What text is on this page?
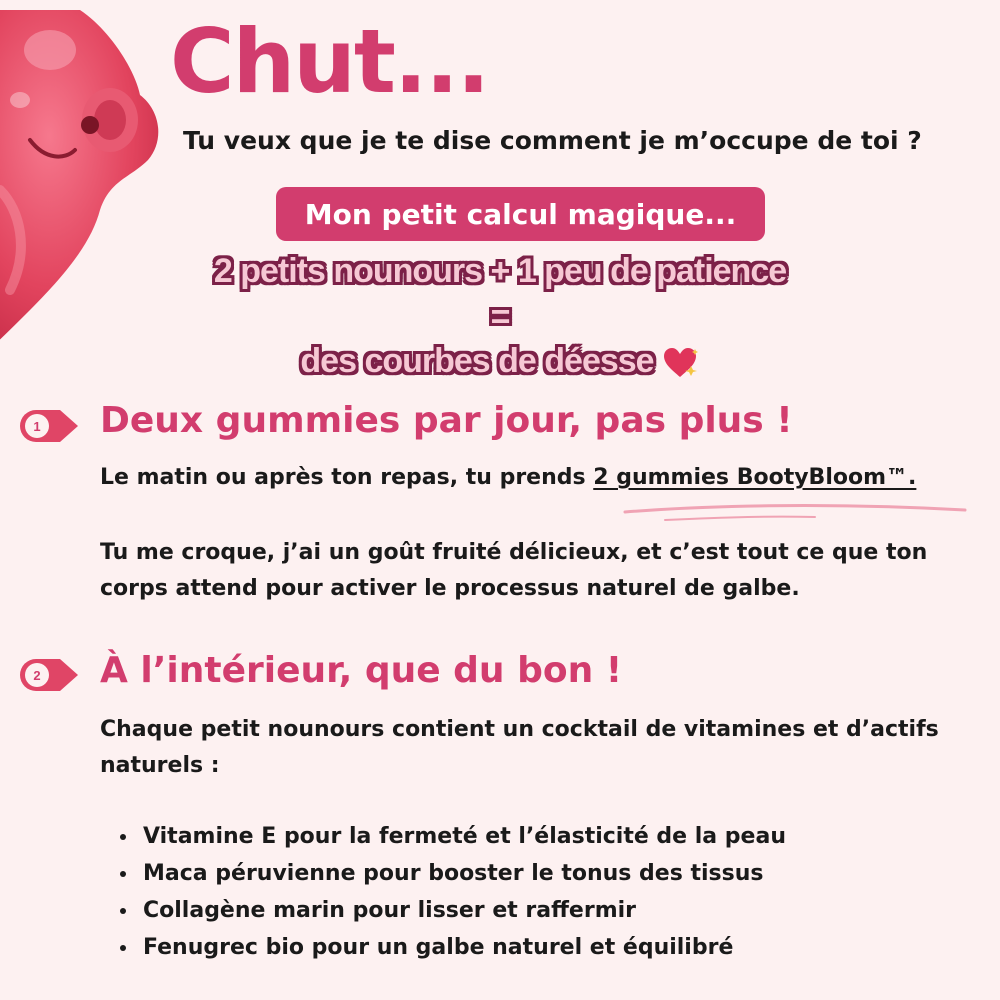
Chut...
Tu veux que je te dise comment je m’occupe de toi ?
Mon petit calcul magique...
2 petits nounours + 1 peu de patience
=
des courbes de déesse
1 Deux gummies par jour, pas plus !
Le matin ou après ton repas, tu prends 2 gummies BootyBloom™.
Tu me croque, j’ai un goût fruité délicieux, et c’est tout ce que ton corps attend pour activer le processus naturel de galbe.
2 À l’intérieur, que du bon !
Chaque petit nounours contient un cocktail de vitamines et d’actifs naturels :
Vitamine E pour la fermeté et l’élasticité de la peau
Maca péruvienne pour booster le tonus des tissus
Collagène marin pour lisser et raffermir
Fenugrec bio pour un galbe naturel et équilibré
